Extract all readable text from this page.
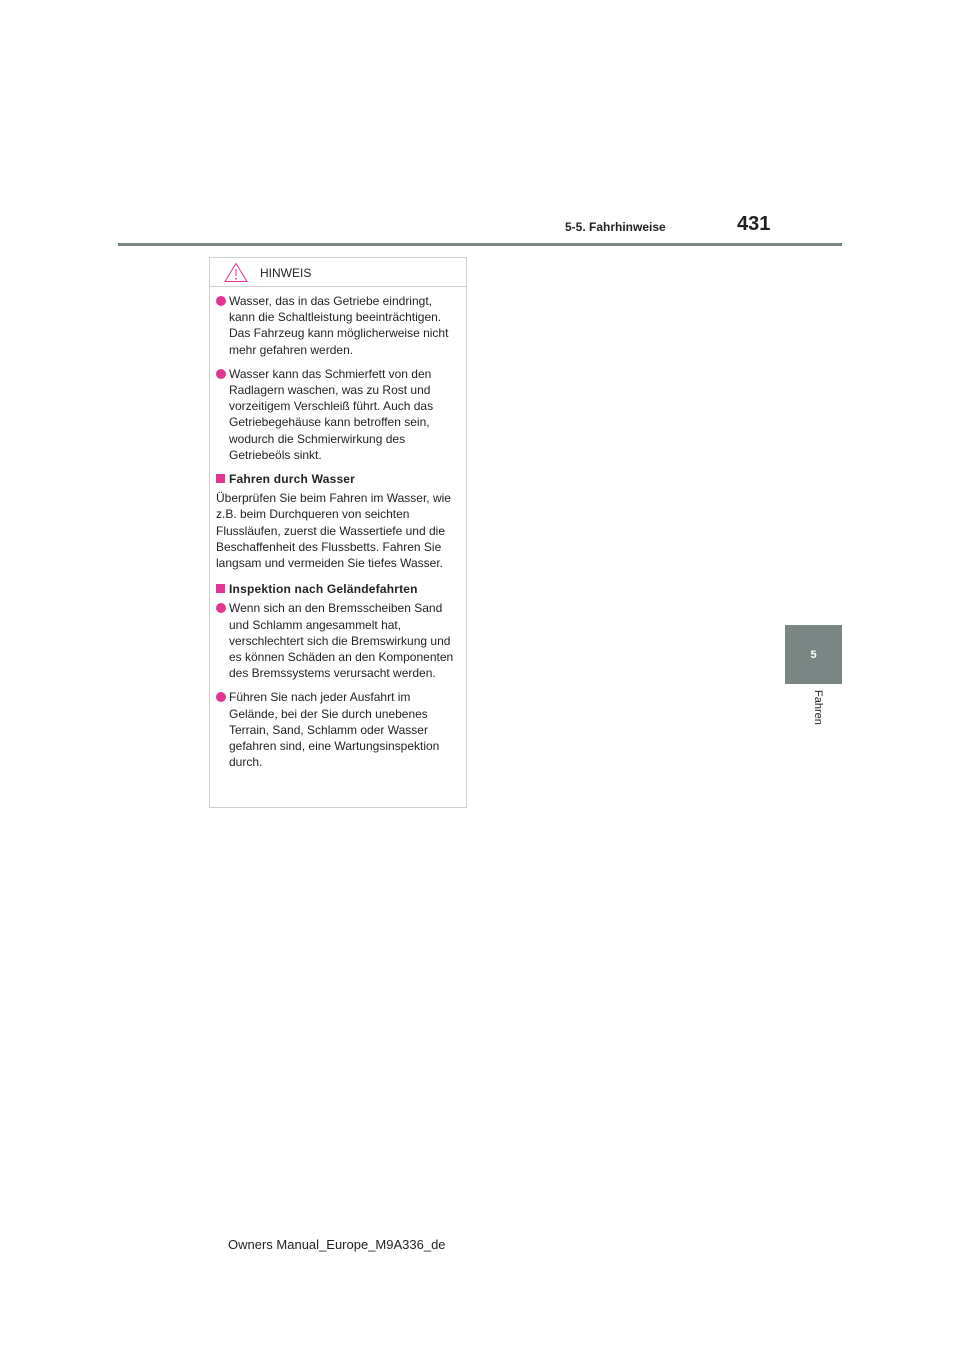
5-5. Fahrhinweise	431
5
Fahren
HINWEIS
Wasser, das in das Getriebe eindringt, kann die Schaltleistung beeinträchtigen. Das Fahrzeug kann möglicherweise nicht mehr gefahren werden.
Wasser kann das Schmierfett von den Radlagern waschen, was zu Rost und vorzeitigem Verschleiß führt. Auch das Getriebegehäuse kann betroffen sein, wodurch die Schmierwirkung des Getriebeöls sinkt.
Fahren durch Wasser
Überprüfen Sie beim Fahren im Wasser, wie z.B. beim Durchqueren von seichten Flussläufen, zuerst die Wassertiefe und die Beschaffenheit des Flussbetts. Fahren Sie langsam und vermeiden Sie tiefes Wasser.
Inspektion nach Geländefahrten
Wenn sich an den Bremsscheiben Sand und Schlamm angesammelt hat, verschlechtert sich die Bremswirkung und es können Schäden an den Komponenten des Bremssystems verursacht werden.
Führen Sie nach jeder Ausfahrt im Gelände, bei der Sie durch unebenes Terrain, Sand, Schlamm oder Wasser gefahren sind, eine Wartungsinspektion durch.
Owners Manual_Europe_M9A336_de
